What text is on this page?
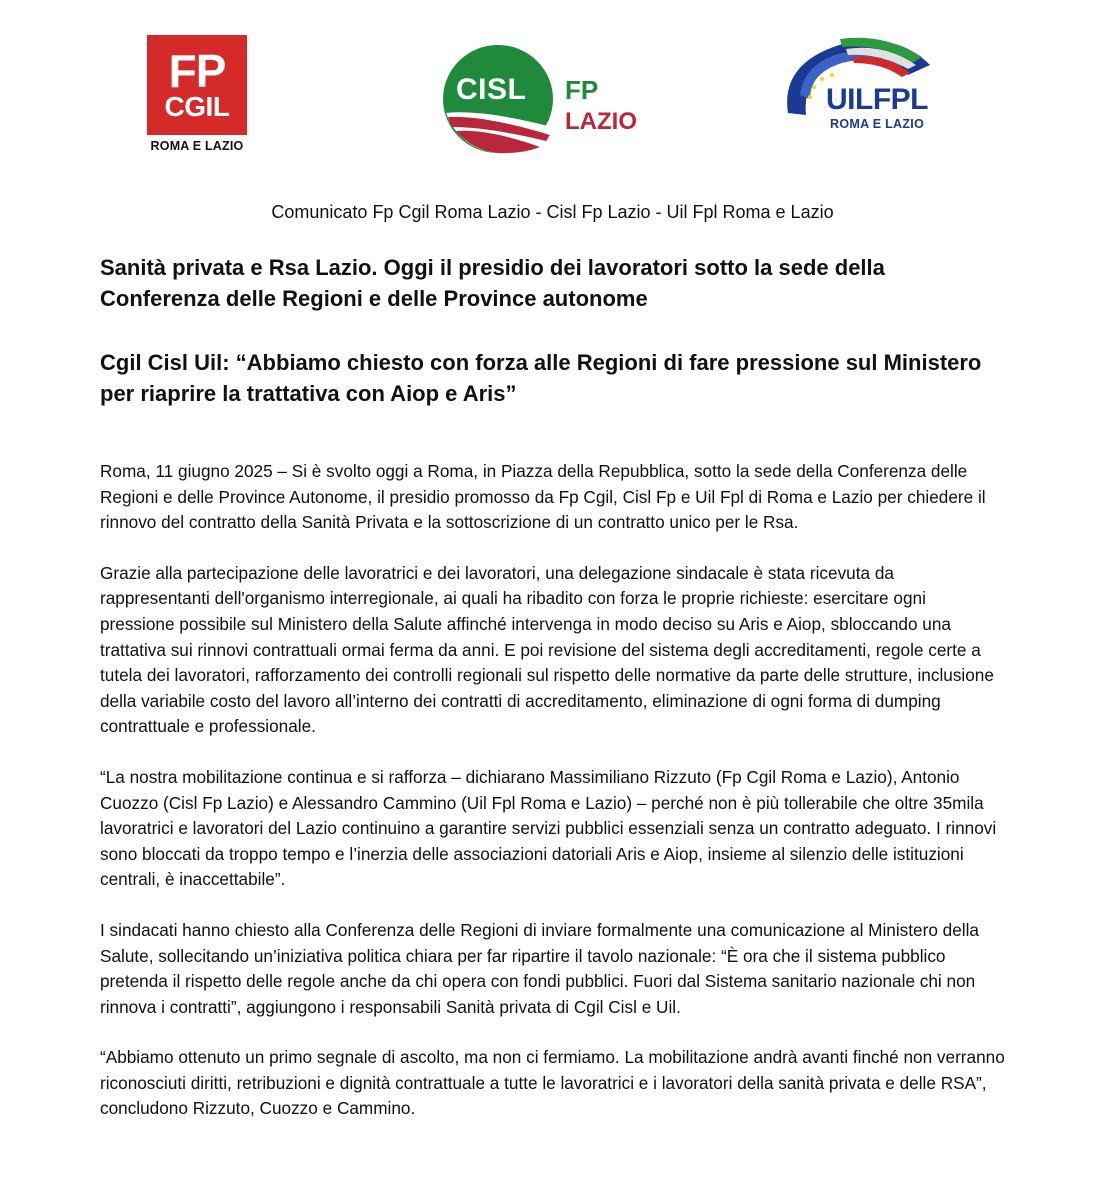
FP
CGIL
ROMA E LAZIO
CISL FP
LAZIO
UILFPL
ROMA E LAZIO
Comunicato Fp Cgil Roma Lazio - Cisl Fp Lazio - Uil Fpl Roma e Lazio
Sanità privata e Rsa Lazio. Oggi il presidio dei lavoratori sotto la sede della Conferenza delle Regioni e delle Province autonome
Cgil Cisl Uil: “Abbiamo chiesto con forza alle Regioni di fare pressione sul Ministero per riaprire la trattativa con Aiop e Aris”

Roma, 11 giugno 2025 – Si è svolto oggi a Roma, in Piazza della Repubblica, sotto la sede della Conferenza delle Regioni e delle Province Autonome, il presidio promosso da Fp Cgil, Cisl Fp e Uil Fpl di Roma e Lazio per chiedere il rinnovo del contratto della Sanità Privata e la sottoscrizione di un contratto unico per le Rsa.

Grazie alla partecipazione delle lavoratrici e dei lavoratori, una delegazione sindacale è stata ricevuta da rappresentanti dell'organismo interregionale, ai quali ha ribadito con forza le proprie richieste: esercitare ogni pressione possibile sul Ministero della Salute affinché intervenga in modo deciso su Aris e Aiop, sbloccando una trattativa sui rinnovi contrattuali ormai ferma da anni. E poi revisione del sistema degli accreditamenti, regole certe a tutela dei lavoratori, rafforzamento dei controlli regionali sul rispetto delle normative da parte delle strutture, inclusione della variabile costo del lavoro all’interno dei contratti di accreditamento, eliminazione di ogni forma di dumping contrattuale e professionale.

“La nostra mobilitazione continua e si rafforza – dichiarano Massimiliano Rizzuto (Fp Cgil Roma e Lazio), Antonio Cuozzo (Cisl Fp Lazio) e Alessandro Cammino (Uil Fpl Roma e Lazio) – perché non è più tollerabile che oltre 35mila lavoratrici e lavoratori del Lazio continuino a garantire servizi pubblici essenziali senza un contratto adeguato. I rinnovi sono bloccati da troppo tempo e l’inerzia delle associazioni datoriali Aris e Aiop, insieme al silenzio delle istituzioni centrali, è inaccettabile”.

I sindacati hanno chiesto alla Conferenza delle Regioni di inviare formalmente una comunicazione al Ministero della Salute, sollecitando un’iniziativa politica chiara per far ripartire il tavolo nazionale: “È ora che il sistema pubblico pretenda il rispetto delle regole anche da chi opera con fondi pubblici. Fuori dal Sistema sanitario nazionale chi non rinnova i contratti”, aggiungono i responsabili Sanità privata di Cgil Cisl e Uil.

“Abbiamo ottenuto un primo segnale di ascolto, ma non ci fermiamo. La mobilitazione andrà avanti finché non verranno riconosciuti diritti, retribuzioni e dignità contrattuale a tutte le lavoratrici e i lavoratori della sanità privata e delle RSA”, concludono Rizzuto, Cuozzo e Cammino.
